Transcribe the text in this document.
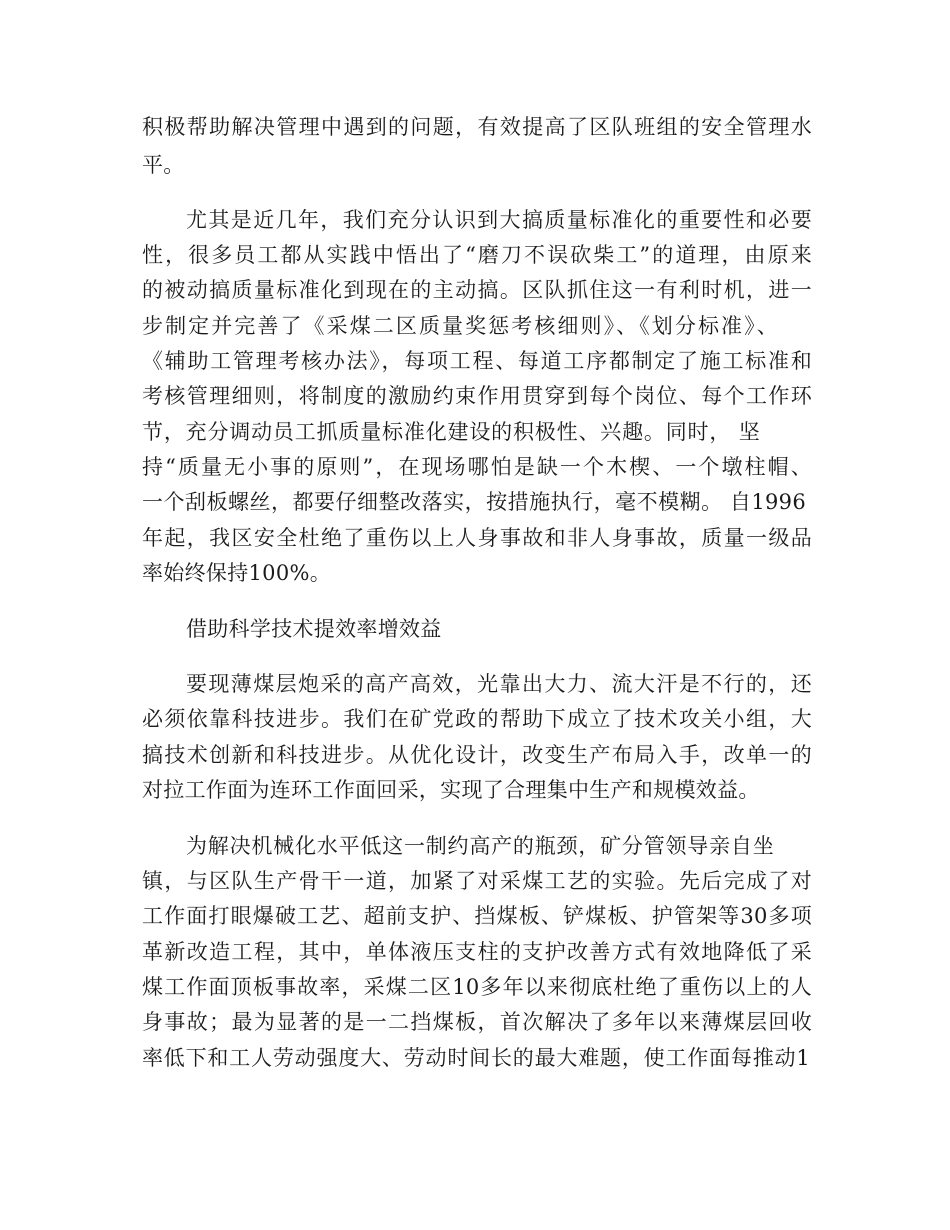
积极帮助解决管理中遇到的问题，有效提高了区队班组的安全管理水
平。
尤其是近几年，我们充分认识到大搞质量标准化的重要性和必要
性，很多员工都从实践中悟出了“磨刀不误砍柴工”的道理，由原来
的被动搞质量标准化到现在的主动搞。区队抓住这一有利时机，进一
步制定并完善了《采煤二区质量奖惩考核细则》、《划分标准》、
《辅助工管理考核办法》，每项工程、每道工序都制定了施工标准和
考核管理细则，将制度的激励约束作用贯穿到每个岗位、每个工作环
节，充分调动员工抓质量标准化建设的积极性、兴趣。同时， 坚
持“质量无小事的原则”，在现场哪怕是缺一个木楔、一个墩柱帽、
一个刮板螺丝，都要仔细整改落实，按措施执行，毫不模糊。 自1996
年起，我区安全杜绝了重伤以上人身事故和非人身事故，质量一级品
率始终保持100%。
借助科学技术提效率增效益
要现薄煤层炮采的高产高效，光靠出大力、流大汗是不行的，还
必须依靠科技进步。我们在矿党政的帮助下成立了技术攻关小组，大
搞技术创新和科技进步。从优化设计，改变生产布局入手，改单一的
对拉工作面为连环工作面回采，实现了合理集中生产和规模效益。
为解决机械化水平低这一制约高产的瓶颈，矿分管领导亲自坐
镇，与区队生产骨干一道，加紧了对采煤工艺的实验。先后完成了对
工作面打眼爆破工艺、超前支护、挡煤板、铲煤板、护管架等30多项
革新改造工程，其中，单体液压支柱的支护改善方式有效地降低了采
煤工作面顶板事故率，采煤二区10多年以来彻底杜绝了重伤以上的人
身事故；最为显著的是一二挡煤板，首次解决了多年以来薄煤层回收
率低下和工人劳动强度大、劳动时间长的最大难题，使工作面每推动1
